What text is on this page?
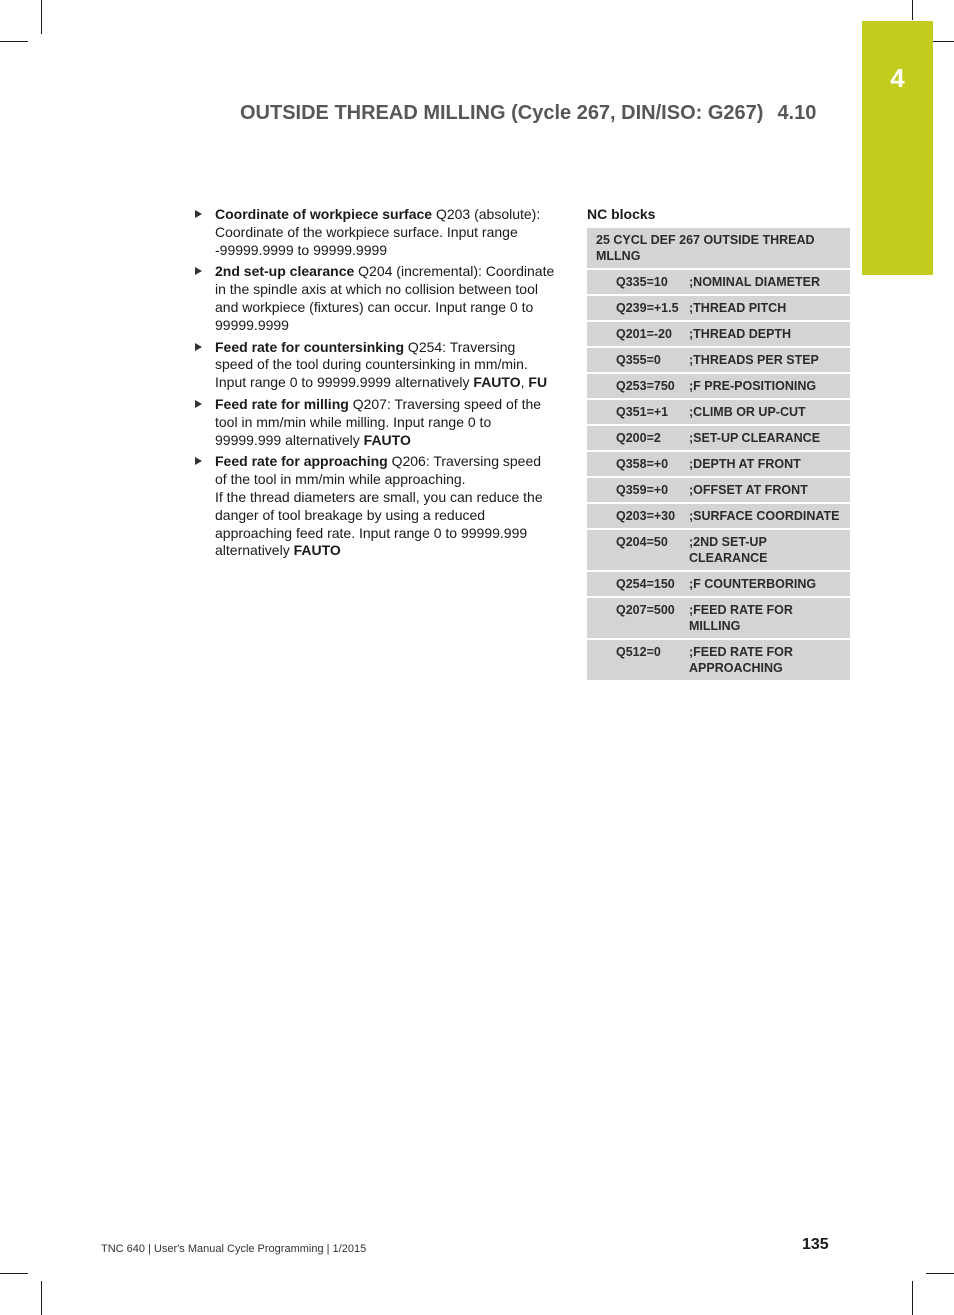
4
OUTSIDE THREAD MILLING (Cycle 267, DIN/ISO: G267) 4.10
Coordinate of workpiece surface Q203 (absolute): Coordinate of the workpiece surface. Input range -99999.9999 to 99999.9999
2nd set-up clearance Q204 (incremental): Coordinate in the spindle axis at which no collision between tool and workpiece (fixtures) can occur. Input range 0 to 99999.9999
Feed rate for countersinking Q254: Traversing speed of the tool during countersinking in mm/min. Input range 0 to 99999.9999 alternatively FAUTO, FU
Feed rate for milling Q207: Traversing speed of the tool in mm/min while milling. Input range 0 to 99999.999 alternatively FAUTO
Feed rate for approaching Q206: Traversing speed of the tool in mm/min while approaching.
If the thread diameters are small, you can reduce the danger of tool breakage by using a reduced approaching feed rate. Input range 0 to 99999.999 alternatively FAUTO
NC blocks
25 CYCL DEF 267 OUTSIDE THREAD MLLNG	
Q335=10	;NOMINAL DIAMETER
Q239=+1.5	;THREAD PITCH
Q201=-20	;THREAD DEPTH
Q355=0	;THREADS PER STEP
Q253=750	;F PRE-POSITIONING
Q351=+1	;CLIMB OR UP-CUT
Q200=2	;SET-UP CLEARANCE
Q358=+0	;DEPTH AT FRONT
Q359=+0	;OFFSET AT FRONT
Q203=+30	;SURFACE COORDINATE
Q204=50	;2ND SET-UP CLEARANCE
Q254=150	;F COUNTERBORING
Q207=500	;FEED RATE FOR MILLING
Q512=0	;FEED RATE FOR APPROACHING
TNC 640 | User's Manual Cycle Programming | 1/2015	135
